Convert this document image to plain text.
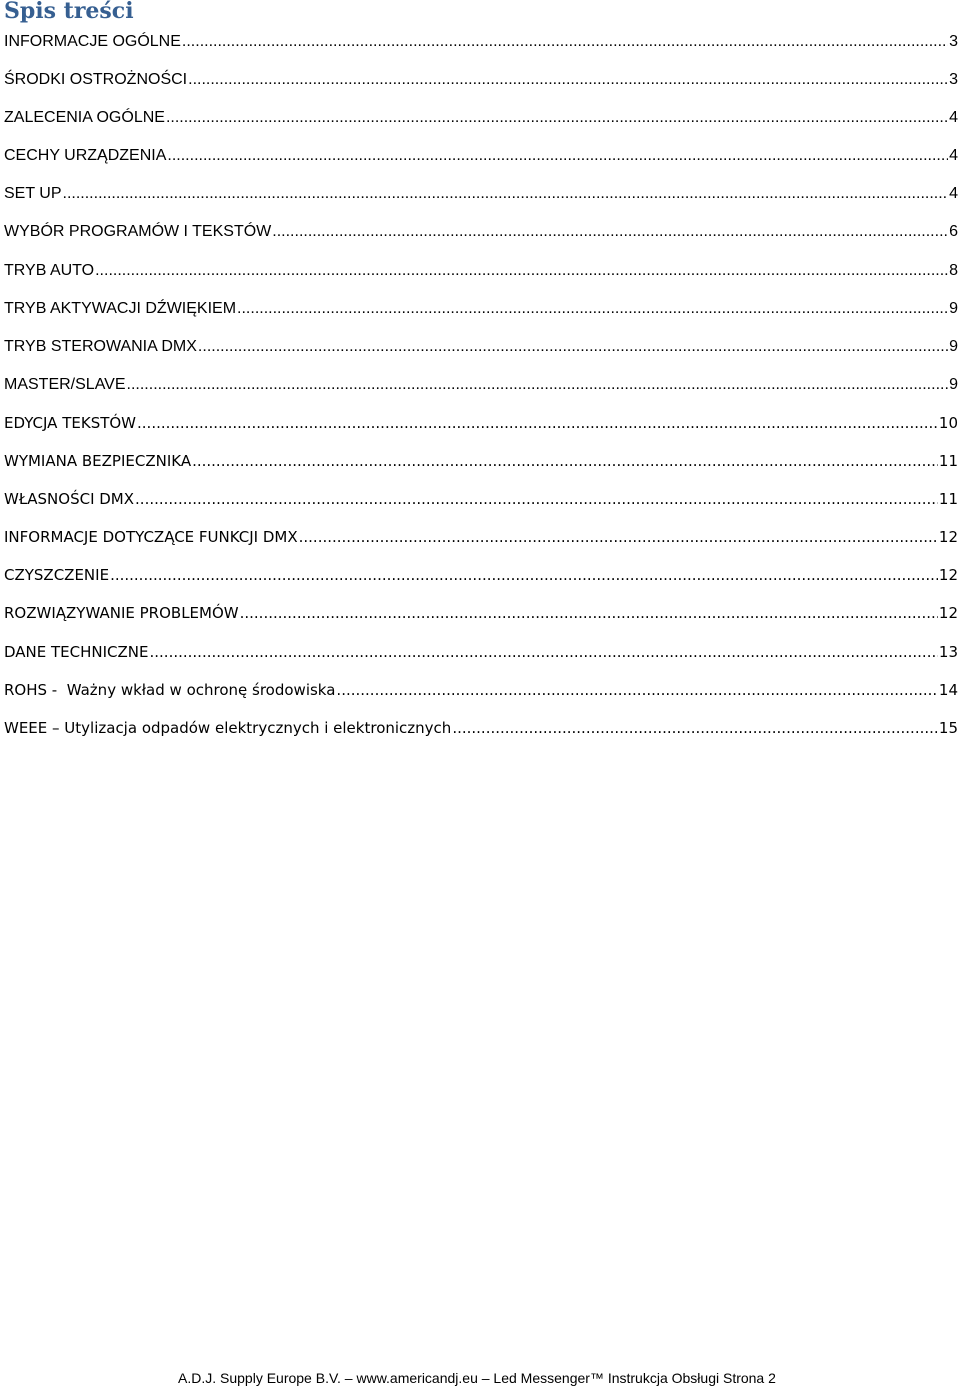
Spis treści
INFORMACJE OGÓLNE .....	3
ŚRODKI OSTROŻNOŚCI .....	3
ZALECENIA OGÓLNE .....	4
CECHY URZĄDZENIA .....	4
SET UP .....	4
WYBÓR PROGRAMÓW I TEKSTÓW .....	6
TRYB AUTO .....	8
TRYB AKTYWACJI DŹWIĘKIEM .....	9
TRYB STEROWANIA DMX .....	9
MASTER/SLAVE .....	9
EDYCJA TEKSTÓW .....	10
WYMIANA BEZPIECZNIKA .....	11
WŁASNOŚCI DMX .....	11
INFORMACJE DOTYCZĄCE FUNKCJI DMX .....	12
CZYSZCZENIE .....	12
ROZWIĄZYWANIE PROBLEMÓW .....	12
DANE TECHNICZNE .....	13
ROHS -  Ważny wkład w ochronę środowiska .....	14
WEEE – Utylizacja odpadów elektrycznych i elektronicznych .....	15
A.D.J. Supply Europe B.V. – www.americandj.eu – Led Messenger™ Instrukcja Obsługi Strona 2
